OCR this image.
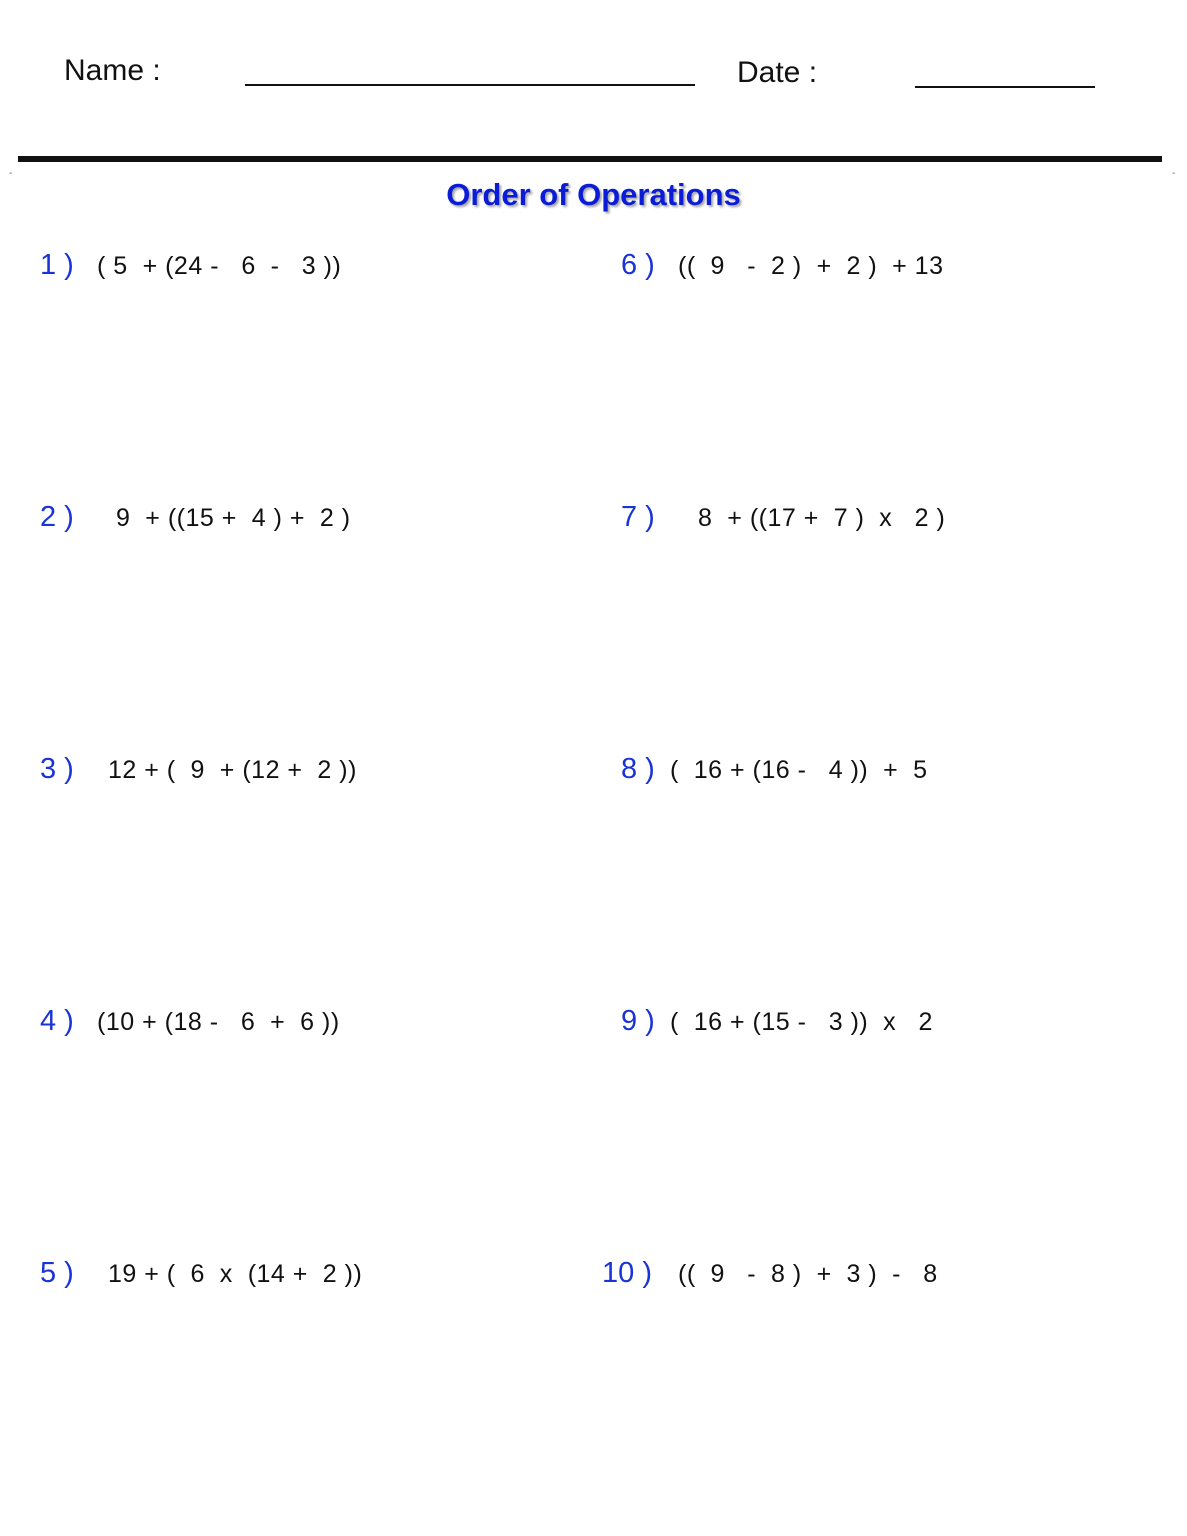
Name :	Date :
-	-
Order of Operations
1 ) ( 5  + (24 -   6  -   3 ))
2 ) 9  + ((15 +  4 ) +  2 )
3 ) 12 + (  9  + (12 +  2 ))
4 ) (10 + (18 -   6  +  6 ))
5 ) 19 + (  6  x  (14 +  2 ))
6 ) ((  9   -  2 )  +  2 )  + 13
7 ) 8  + ((17 +  7 )  x   2 )
8 ) (  16 + (16 -   4 ))  +  5
9 ) (  16 + (15 -   3 ))  x   2
10 ) ((  9   -  8 )  +  3 )  -   8
